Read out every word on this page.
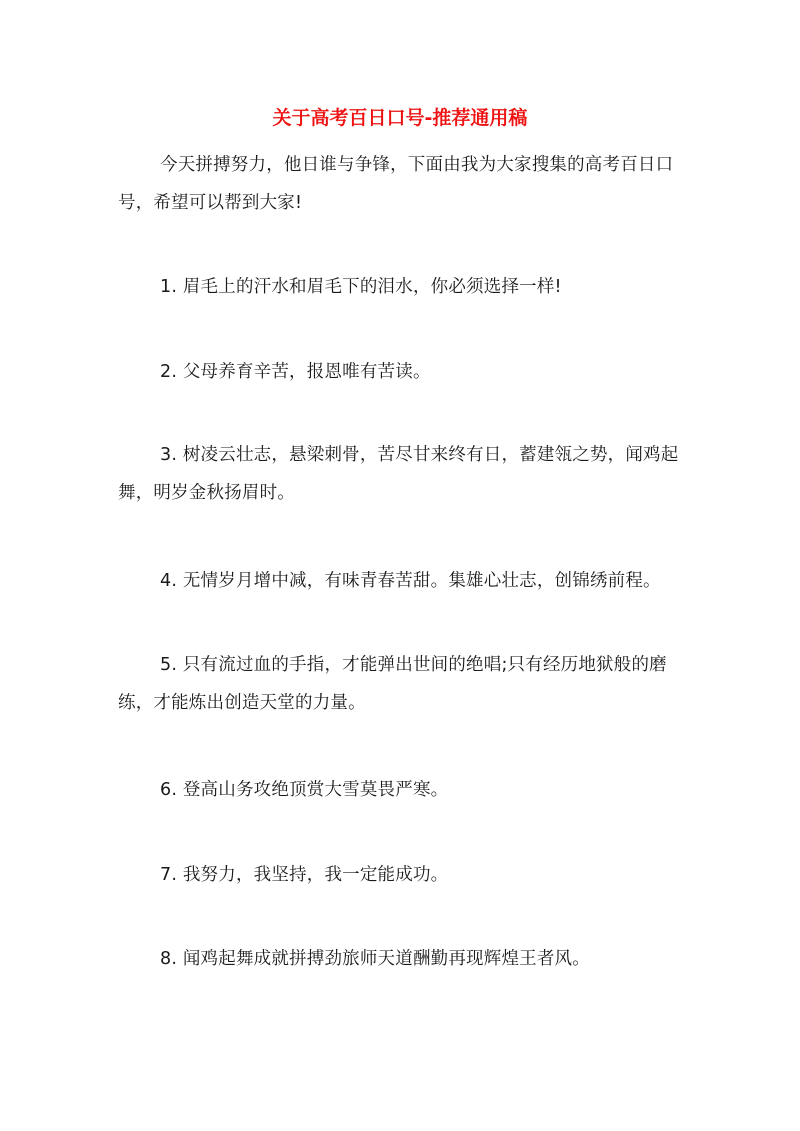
关于高考百日口号-推荐通用稿

今天拼搏努力，他日谁与争锋，下面由我为大家搜集的高考百日口号，希望可以帮到大家!

1. 眉毛上的汗水和眉毛下的泪水，你必须选择一样!

2. 父母养育辛苦，报恩唯有苦读。

3. 树凌云壮志，悬梁刺骨，苦尽甘来终有日，蓄建瓴之势，闻鸡起舞，明岁金秋扬眉时。

4. 无情岁月增中减，有味青春苦甜。集雄心壮志，创锦绣前程。

5. 只有流过血的手指，才能弹出世间的绝唱;只有经历地狱般的磨练，才能炼出创造天堂的力量。

6. 登高山务攻绝顶赏大雪莫畏严寒。

7. 我努力，我坚持，我一定能成功。

8. 闻鸡起舞成就拼搏劲旅师天道酬勤再现辉煌王者风。
